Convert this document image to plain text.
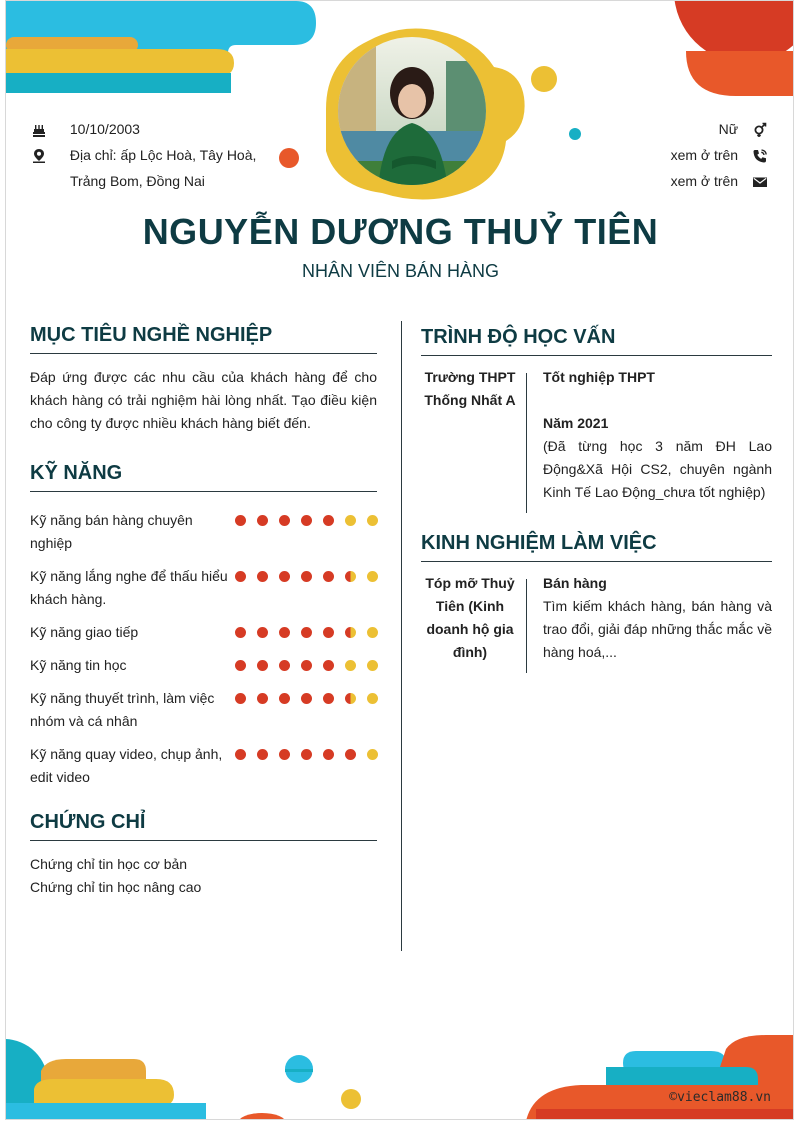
10/10/2003
Địa chỉ: ấp Lộc Hoà, Tây Hoà,
Trảng Bom, Đồng Nai
Nữ
xem ở trên
xem ở trên
NGUYỄN DƯƠNG THUỶ TIÊN
NHÂN VIÊN BÁN HÀNG
MỤC TIÊU NGHỀ NGHIỆP
Đáp ứng được các nhu cầu của khách hàng để cho khách hàng có trải nghiệm hài lòng nhất. Tạo điều kiện cho công ty được nhiều khách hàng biết đến.
KỸ NĂNG
Kỹ năng bán hàng chuyên nghiệp
Kỹ năng lắng nghe để thấu hiểu khách hàng.
Kỹ năng giao tiếp
Kỹ năng tin học
Kỹ năng thuyết trình, làm việc nhóm và cá nhân
Kỹ năng quay video, chụp ảnh, edit video
CHỨNG CHỈ
Chứng chỉ tin học cơ bản
Chứng chỉ tin học nâng cao
TRÌNH ĐỘ HỌC VẤN
Trường THPT Thống Nhất A
Tốt nghiệp THPT
Năm 2021
(Đã từng học 3 năm ĐH Lao Động&Xã Hội CS2, chuyên ngành Kinh Tế Lao Động_chưa tốt nghiệp)
KINH NGHIỆM LÀM VIỆC
Tóp mỡ Thuỷ Tiên (Kinh doanh hộ gia đình)
Bán hàng
Tìm kiếm khách hàng, bán hàng và trao đổi, giải đáp những thắc mắc về hàng hoá,...
©vieclam88.vn
